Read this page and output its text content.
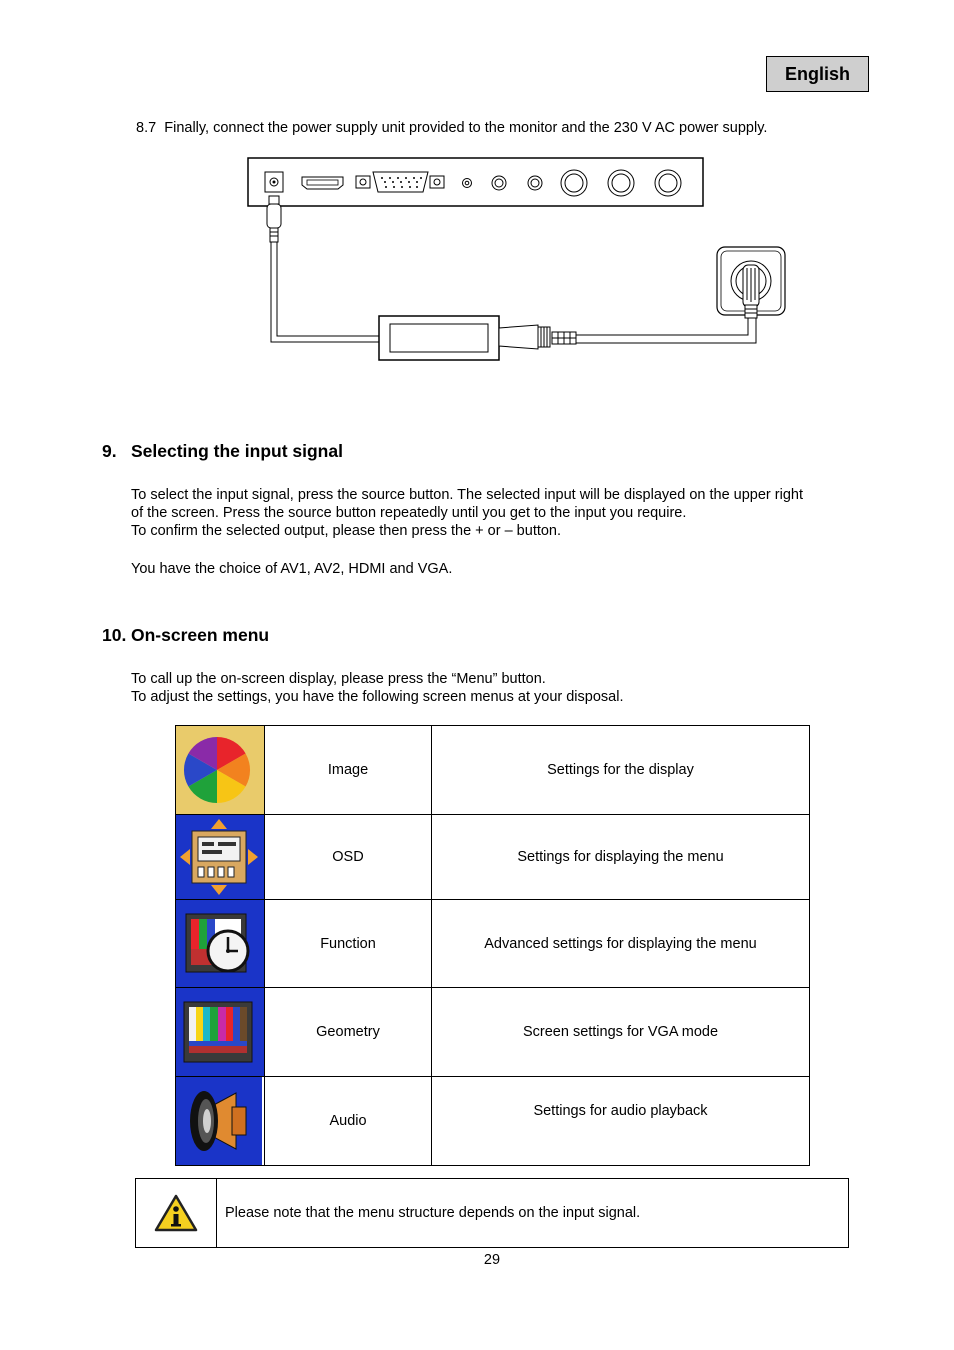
English
8.7 Finally, connect the power supply unit provided to the monitor and the 230 V AC power supply.
9. Selecting the input signal
To select the input signal, press the source button. The selected input will be displayed on the upper right
of the screen. Press the source button repeatedly until you get to the input you require.
To confirm the selected output, please then press the + or – button.
You have the choice of AV1, AV2, HDMI and VGA.
10. On-screen menu
To call up the on-screen display, please press the “Menu” button.
To adjust the settings, you have the following screen menus at your disposal.
	Image	Settings for the display

	OSD	Settings for displaying the menu

	Function	Advanced settings for displaying the menu

	Geometry	Screen settings for VGA mode

	Audio	Settings for audio playback
Please note that the menu structure depends on the input signal.
29
